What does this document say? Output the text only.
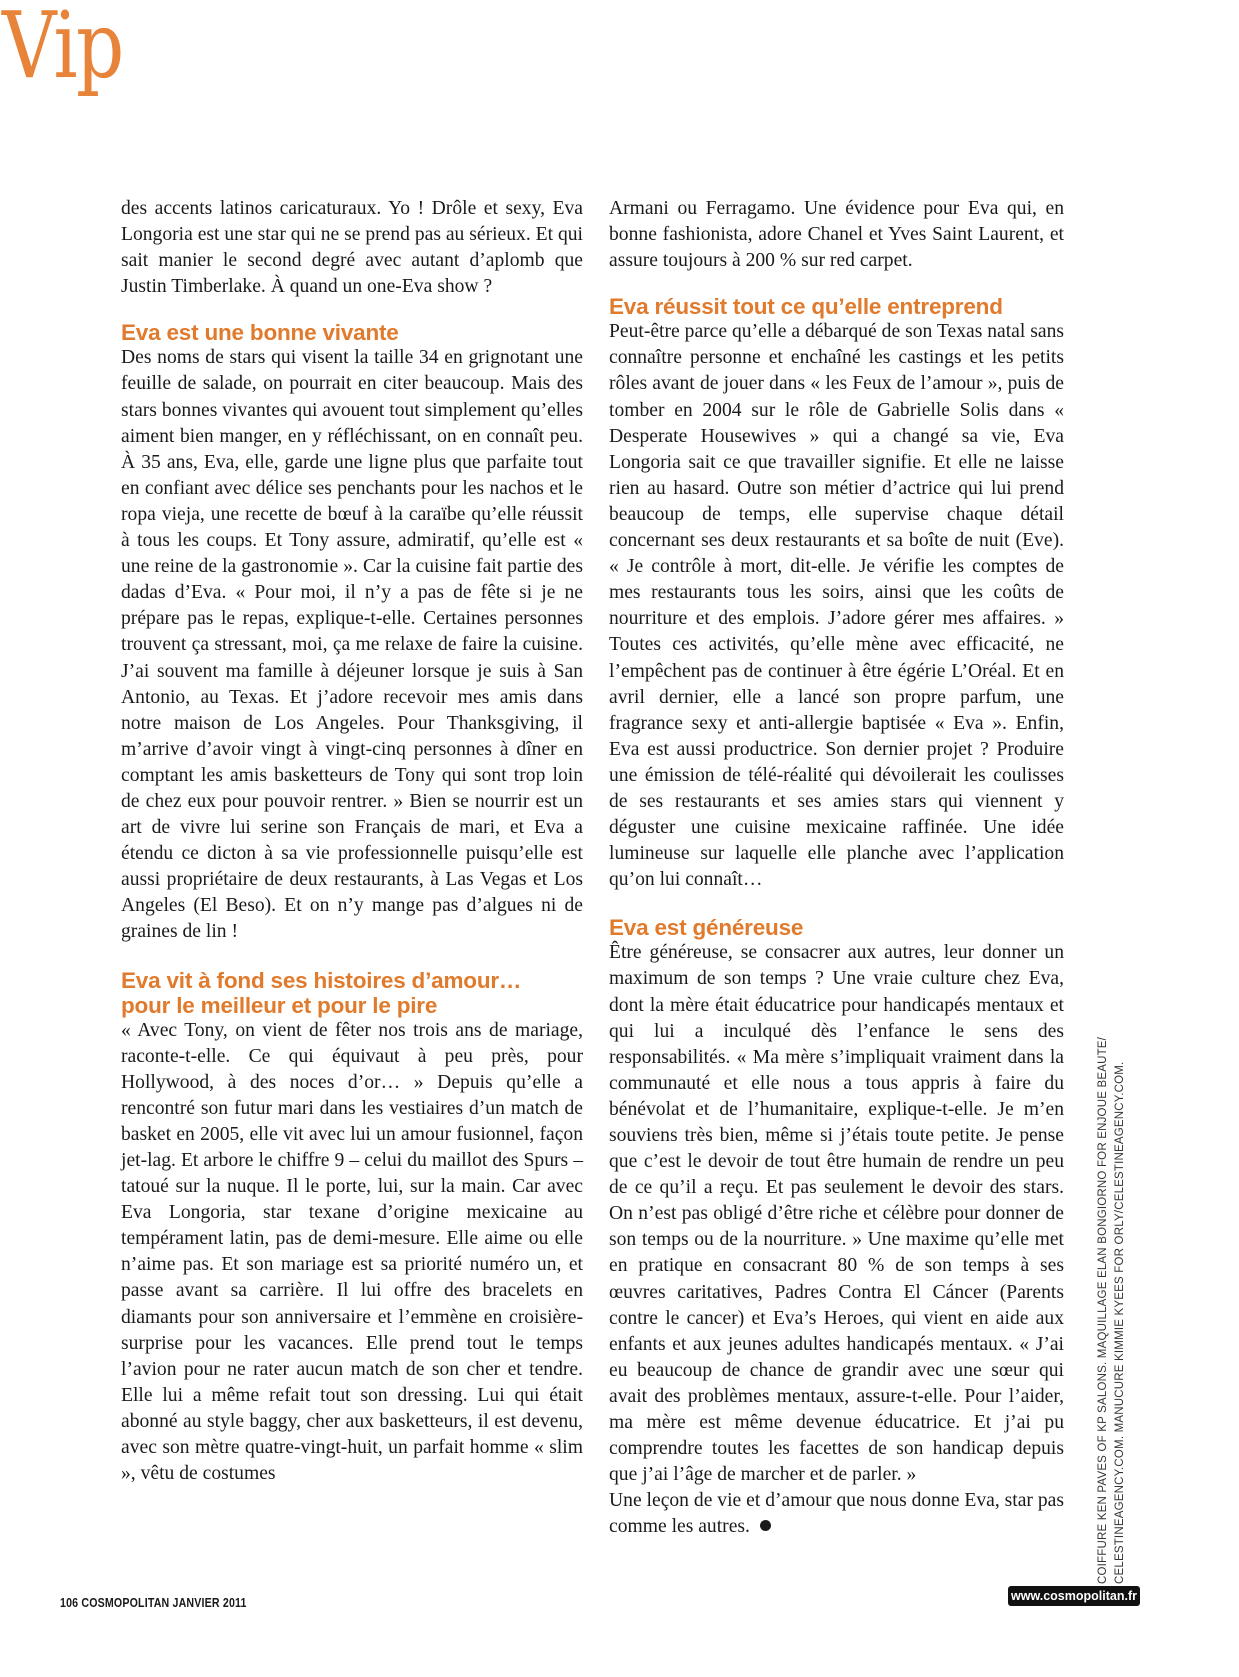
Vip

des accents latinos caricaturaux. Yo ! Drôle et sexy, Eva Longoria est une star qui ne se prend pas au sérieux. Et qui sait manier le second degré avec autant d’aplomb que Justin Timberlake. À quand un one-Eva show ?

Eva est une bonne vivante

Des noms de stars qui visent la taille 34 en grignotant une feuille de salade, on pourrait en citer beaucoup. Mais des stars bonnes vivantes qui avouent tout simplement qu’elles aiment bien manger, en y réfléchissant, on en connaît peu. À 35 ans, Eva, elle, garde une ligne plus que parfaite tout en confiant avec délice ses penchants pour les nachos et le ropa vieja, une recette de bœuf à la caraïbe qu’elle réussit à tous les coups. Et Tony assure, admiratif, qu’elle est « une reine de la gastronomie ». Car la cuisine fait partie des dadas d’Eva. « Pour moi, il n’y a pas de fête si je ne prépare pas le repas, explique-t-elle. Certaines personnes trouvent ça stressant, moi, ça me relaxe de faire la cuisine. J’ai souvent ma famille à déjeuner lorsque je suis à San Antonio, au Texas. Et j’adore recevoir mes amis dans notre maison de Los Angeles. Pour Thanksgiving, il m’arrive d’avoir vingt à vingt-cinq personnes à dîner en comptant les amis basketteurs de Tony qui sont trop loin de chez eux pour pouvoir rentrer. » Bien se nourrir est un art de vivre lui serine son Français de mari, et Eva a étendu ce dicton à sa vie professionnelle puisqu’elle est aussi propriétaire de deux restaurants, à Las Vegas et Los Angeles (El Beso). Et on n’y mange pas d’algues ni de graines de lin !

Eva vit à fond ses histoires d’amour…
pour le meilleur et pour le pire

« Avec Tony, on vient de fêter nos trois ans de mariage, raconte-t-elle. Ce qui équivaut à peu près, pour Hollywood, à des noces d’or… » Depuis qu’elle a rencontré son futur mari dans les vestiaires d’un match de basket en 2005, elle vit avec lui un amour fusionnel, façon jet-lag. Et arbore le chiffre 9 – celui du maillot des Spurs – tatoué sur la nuque. Il le porte, lui, sur la main. Car avec Eva Longoria, star texane d’origine mexicaine au tempérament latin, pas de demi-mesure. Elle aime ou elle n’aime pas. Et son mariage est sa priorité numéro un, et passe avant sa carrière. Il lui offre des bracelets en diamants pour son anniversaire et l’emmène en croisière-surprise pour les vacances. Elle prend tout le temps l’avion pour ne rater aucun match de son cher et tendre. Elle lui a même refait tout son dressing. Lui qui était abonné au style baggy, cher aux basketteurs, il est devenu, avec son mètre quatre-vingt-huit, un parfait homme « slim », vêtu de costumes

Armani ou Ferragamo. Une évidence pour Eva qui, en bonne fashionista, adore Chanel et Yves Saint Laurent, et assure toujours à 200 % sur red carpet.

Eva réussit tout ce qu’elle entreprend

Peut-être parce qu’elle a débarqué de son Texas natal sans connaître personne et enchaîné les castings et les petits rôles avant de jouer dans « les Feux de l’amour », puis de tomber en 2004 sur le rôle de Gabrielle Solis dans « Desperate Housewives » qui a changé sa vie, Eva Longoria sait ce que travailler signifie. Et elle ne laisse rien au hasard. Outre son métier d’actrice qui lui prend beaucoup de temps, elle supervise chaque détail concernant ses deux restaurants et sa boîte de nuit (Eve). « Je contrôle à mort, dit-elle. Je vérifie les comptes de mes restaurants tous les soirs, ainsi que les coûts de nourriture et des emplois. J’adore gérer mes affaires. » Toutes ces activités, qu’elle mène avec efficacité, ne l’empêchent pas de continuer à être égérie L’Oréal. Et en avril dernier, elle a lancé son propre parfum, une fragrance sexy et anti-allergie baptisée « Eva ». Enfin, Eva est aussi productrice. Son dernier projet ? Produire une émission de télé-réalité qui dévoilerait les coulisses de ses restaurants et ses amies stars qui viennent y déguster une cuisine mexicaine raffinée. Une idée lumineuse sur laquelle elle planche avec l’application qu’on lui connaît…

Eva est généreuse

Être généreuse, se consacrer aux autres, leur donner un maximum de son temps ? Une vraie culture chez Eva, dont la mère était éducatrice pour handicapés mentaux et qui lui a inculqué dès l’enfance le sens des responsabilités. « Ma mère s’impliquait vraiment dans la communauté et elle nous a tous appris à faire du bénévolat et de l’humanitaire, explique-t-elle. Je m’en souviens très bien, même si j’étais toute petite. Je pense que c’est le devoir de tout être humain de rendre un peu de ce qu’il a reçu. Et pas seulement le devoir des stars. On n’est pas obligé d’être riche et célèbre pour donner de son temps ou de la nourriture. » Une maxime qu’elle met en pratique en consacrant 80 % de son temps à ses œuvres caritatives, Padres Contra El Cáncer (Parents contre le cancer) et Eva’s Heroes, qui vient en aide aux enfants et aux jeunes adultes handicapés mentaux. « J’ai eu beaucoup de chance de grandir avec une sœur qui avait des problèmes mentaux, assure-t-elle. Pour l’aider, ma mère est même devenue éducatrice. Et j’ai pu comprendre toutes les facettes de son handicap depuis que j’ai l’âge de marcher et de parler. »

Une leçon de vie et d’amour que nous donne Eva, star pas comme les autres.	COIFFURE KEN PAVES OF KP SALONS. MAQUILLAGE ELAN BONGIORNO FOR ENJOUE BEAUTE/ CELESTINEAGENCY.COM. MANUCURE KIMMIE KYEES FOR ORLY/CELESTINEAGENCY.COM.
106 COSMOPOLITAN JANVIER 2011	www.cosmopolitan.fr
